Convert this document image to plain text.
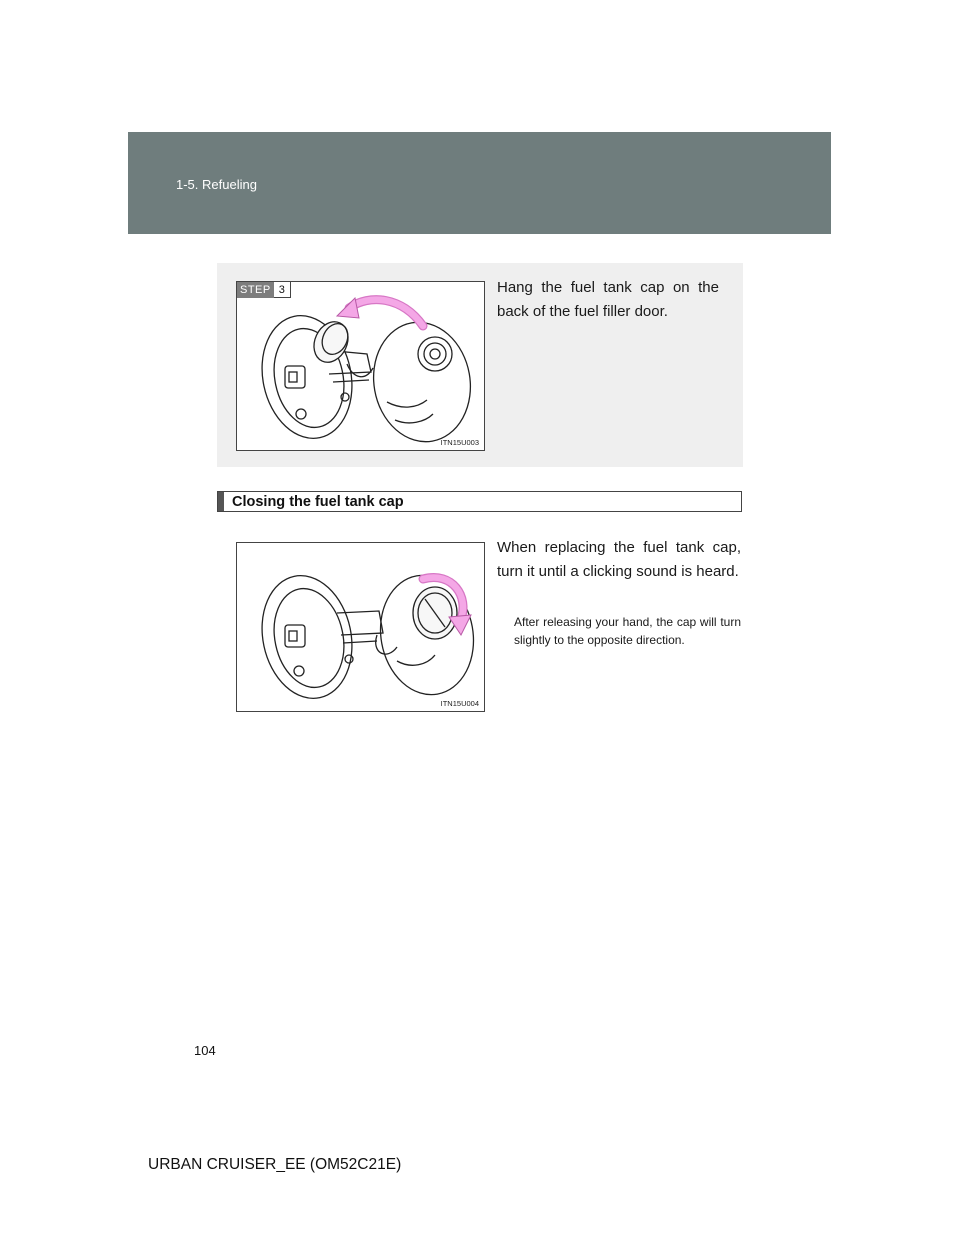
1-5. Refueling
STEP 3
ITN15U003
Hang the fuel tank cap on the back of the fuel filler door.
Closing the fuel tank cap
ITN15U004
When replacing the fuel tank cap, turn it until a clicking sound is heard.
After releasing your hand, the cap will turn slightly to the opposite direction.
104
URBAN CRUISER_EE (OM52C21E)
